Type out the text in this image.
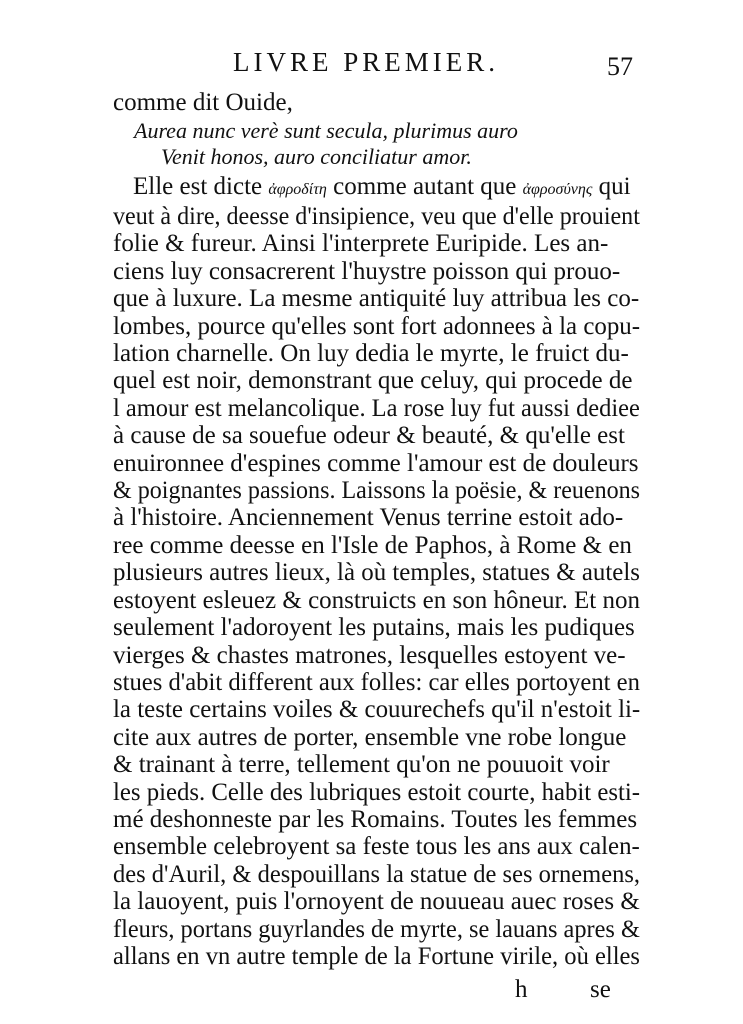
LIVRE PREMIER.	57
comme dit Ouide,
Aurea nunc verè sunt secula, plurimus auro
Venit honos, auro conciliatur amor.
Elle est dicte ἀφροδίτη comme autant que ἀφροσύνης qui
veut à dire, deesse d'insipience, veu que d'elle prouient
folie & fureur. Ainsi l'interprete Euripide. Les an-
ciens luy consacrerent l'huystre poisson qui prouo-
que à luxure. La mesme antiquité luy attribua les co-
lombes, pource qu'elles sont fort adonnees à la copu-
lation charnelle. On luy dedia le myrte, le fruict du-
quel est noir, demonstrant que celuy, qui procede de
l amour est melancolique. La rose luy fut aussi dediee
à cause de sa souefue odeur & beauté, & qu'elle est
enuironnee d'espines comme l'amour est de douleurs
& poignantes passions. Laissons la poësie, & reuenons
à l'histoire. Anciennement Venus terrine estoit ado-
ree comme deesse en l'Isle de Paphos, à Rome & en
plusieurs autres lieux, là où temples, statues & autels
estoyent esleuez & construicts en son hôneur. Et non
seulement l'adoroyent les putains, mais les pudiques
vierges & chastes matrones, lesquelles estoyent ve-
stues d'abit different aux folles: car elles portoyent en
la teste certains voiles & couurechefs qu'il n'estoit li-
cite aux autres de porter, ensemble vne robe longue
& trainant à terre, tellement qu'on ne pouuoit voir
les pieds. Celle des lubriques estoit courte, habit esti-
mé deshonneste par les Romains. Toutes les femmes
ensemble celebroyent sa feste tous les ans aux calen-
des d'Auril, & despouillans la statue de ses ornemens,
la lauoyent, puis l'ornoyent de nouueau auec roses &
fleurs, portans guyrlandes de myrte, se lauans apres &
allans en vn autre temple de la Fortune virile, où elles
h	se
